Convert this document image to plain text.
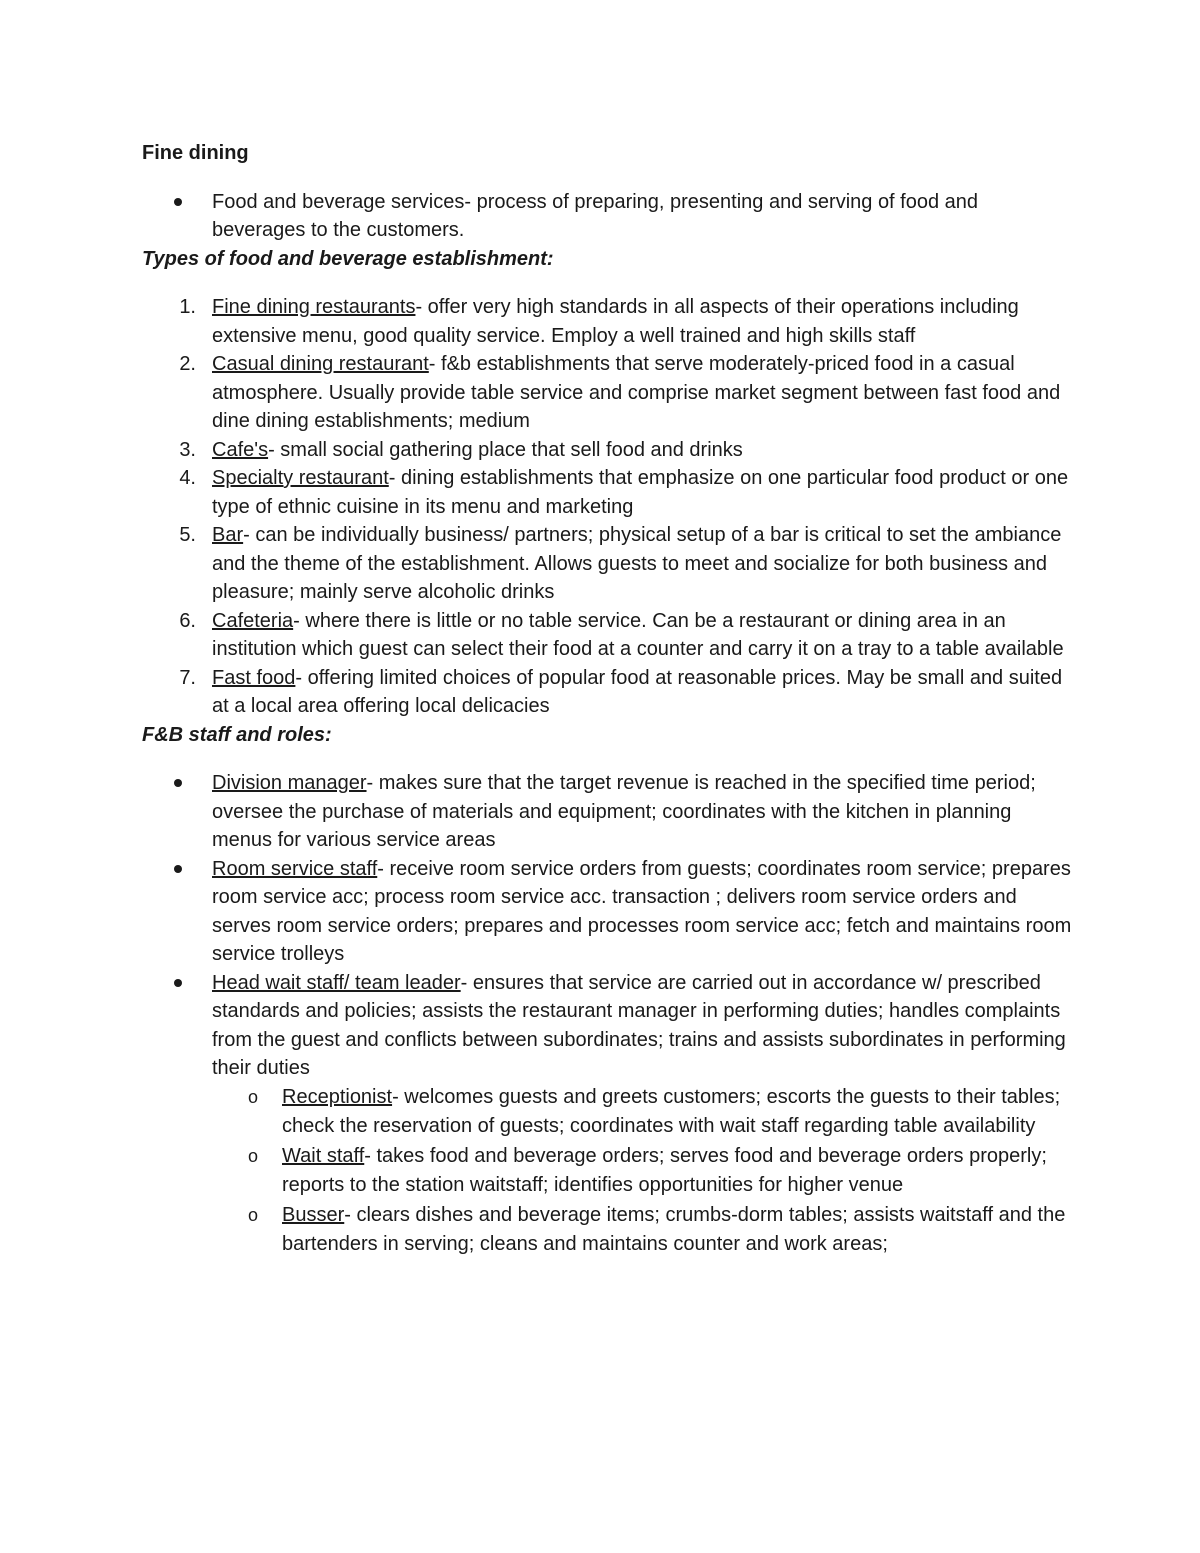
Fine dining
Food and beverage services- process of preparing, presenting and serving of food and beverages to the customers.
Types of food and beverage establishment:
1. Fine dining restaurants- offer very high standards in all aspects of their operations including extensive menu, good quality service. Employ a well trained and high skills staff
2. Casual dining restaurant- f&b establishments that serve moderately-priced food in a casual atmosphere. Usually provide table service and comprise market segment between fast food and dine dining establishments; medium
3. Cafe's- small social gathering place that sell food and drinks
4. Specialty restaurant- dining establishments that emphasize on one particular food product or one type of ethnic cuisine in its menu and marketing
5. Bar- can be individually business/ partners; physical setup of a bar is critical to set the ambiance and the theme of the establishment. Allows guests to meet and socialize for both business and pleasure; mainly serve alcoholic drinks
6. Cafeteria- where there is little or no table service. Can be a restaurant or dining area in an institution which guest can select their food at a counter and carry it on a tray to a table available
7. Fast food- offering limited choices of popular food at reasonable prices. May be small and suited at a local area offering local delicacies
F&B staff and roles:
Division manager- makes sure that the target revenue is reached in the specified time period; oversee the purchase of materials and equipment; coordinates with the kitchen in planning menus for various service areas
Room service staff- receive room service orders from guests; coordinates room service; prepares room service acc; process room service acc. transaction ; delivers room service orders and serves room service orders; prepares and processes room service acc; fetch and maintains room service trolleys
Head wait staff/ team leader- ensures that service are carried out in accordance w/ prescribed standards and policies; assists the restaurant manager in performing duties; handles complaints from the guest and conflicts between subordinates; trains and assists subordinates in performing their duties
o Receptionist- welcomes guests and greets customers; escorts the guests to their tables; check the reservation of guests; coordinates with wait staff regarding table availability
o Wait staff- takes food and beverage orders; serves food and beverage orders properly; reports to the station waitstaff; identifies opportunities for higher venue
o Busser- clears dishes and beverage items; crumbs-dorm tables; assists waitstaff and the bartenders in serving; cleans and maintains counter and work areas;
